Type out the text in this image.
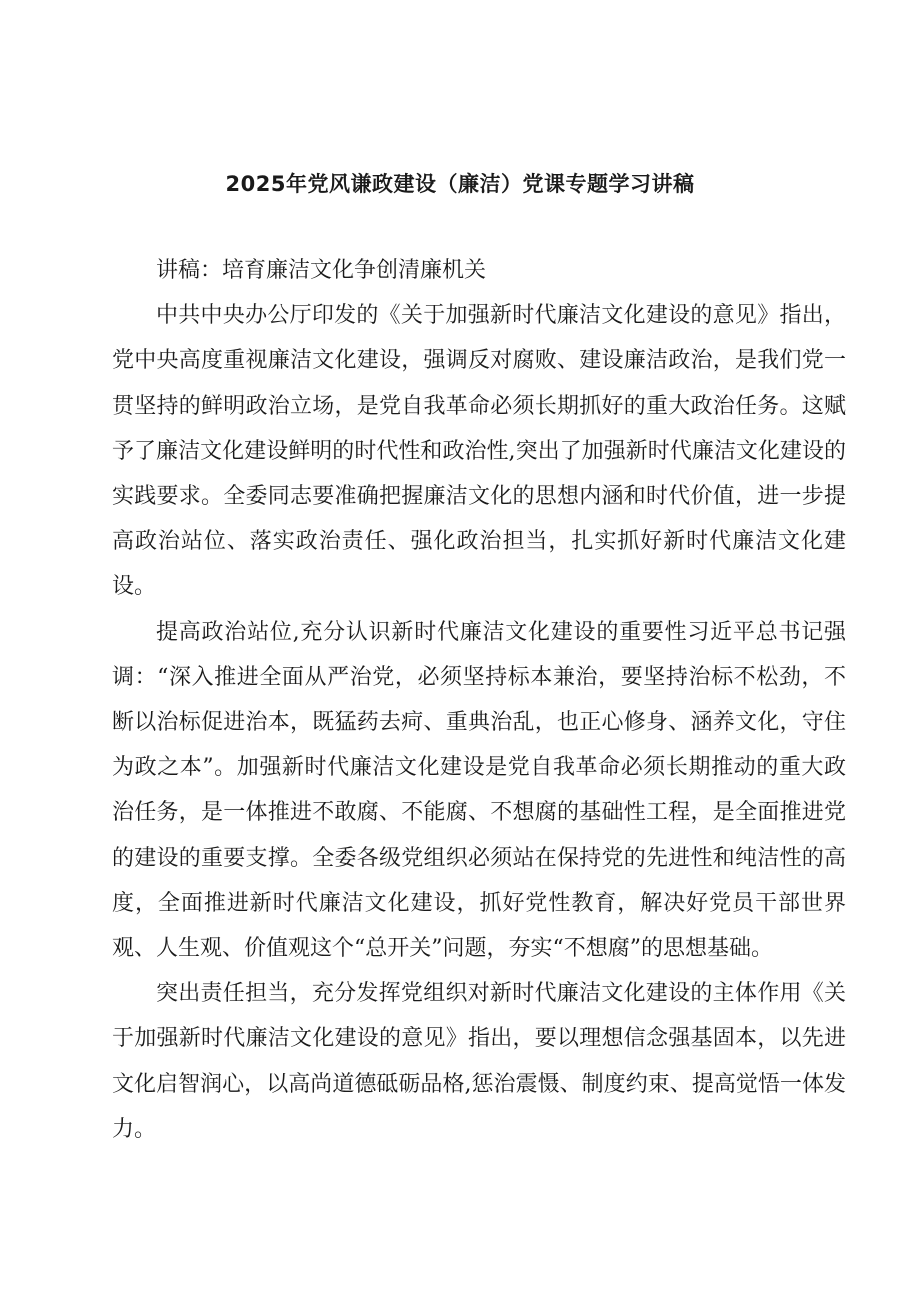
2025年党风谦政建设（廉洁）党课专题学习讲稿

讲稿：培育廉洁文化争创清廉机关

中共中央办公厅印发的《关于加强新时代廉洁文化建设的意见》指出，党中央高度重视廉洁文化建设，强调反对腐败、建设廉洁政治，是我们党一贯坚持的鲜明政治立场，是党自我革命必须长期抓好的重大政治任务。这赋予了廉洁文化建设鲜明的时代性和政治性,突出了加强新时代廉洁文化建设的实践要求。全委同志要准确把握廉洁文化的思想内涵和时代价值，进一步提高政治站位、落实政治责任、强化政治担当，扎实抓好新时代廉洁文化建设。

提高政治站位,充分认识新时代廉洁文化建设的重要性习近平总书记强调：“深入推进全面从严治党，必须坚持标本兼治，要坚持治标不松劲，不断以治标促进治本，既猛药去疴、重典治乱，也正心修身、涵养文化，守住为政之本”。加强新时代廉洁文化建设是党自我革命必须长期推动的重大政治任务，是一体推进不敢腐、不能腐、不想腐的基础性工程，是全面推进党的建设的重要支撑。全委各级党组织必须站在保持党的先进性和纯洁性的高度，全面推进新时代廉洁文化建设，抓好党性教育，解决好党员干部世界观、人生观、价值观这个“总开关”问题，夯实“不想腐”的思想基础。

突出责任担当，充分发挥党组织对新时代廉洁文化建设的主体作用《关于加强新时代廉洁文化建设的意见》指出，要以理想信念强基固本，以先进文化启智润心，以高尚道德砥砺品格,惩治震慑、制度约束、提高觉悟一体发力。
